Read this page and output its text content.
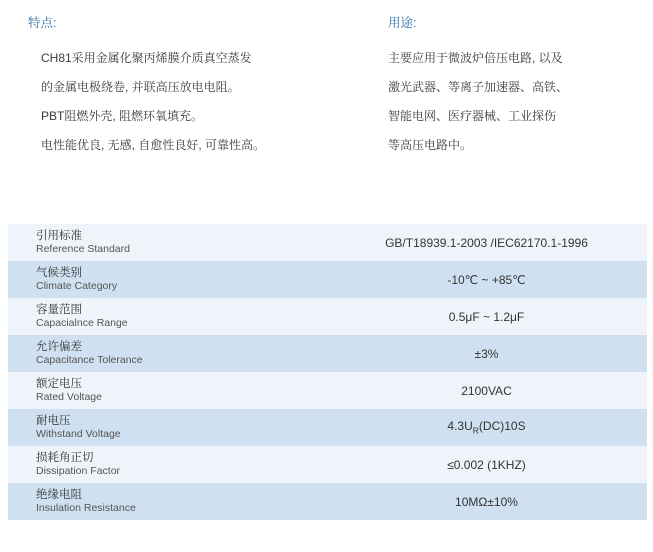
特点:
CH81采用金属化聚丙烯膜介质真空蒸发
的金属电极绕卷, 并联高压放电电阻。
PBT阻燃外壳, 阻燃环氧填充。
电性能优良, 无感, 自愈性良好, 可靠性高。
用途:
主要应用于微波炉倍压电路, 以及
激光武器、等离子加速器、高铁、
智能电网、医疗器械、工业探伤
等高压电路中。
引用标准
Reference Standard	GB/T18939.1-2003 /IEC62170.1-1996

气候类别
Climate Category	-10℃ ~ +85℃

容量范围
Capacialnce Range	0.5μF ~ 1.2μF

允许偏差
Capacitance Tolerance	±3%

额定电压
Rated Voltage	2100VAC

耐电压
Withstand Voltage	$4.3U_R(DC)10S$

损耗角正切
Dissipation Factor	≤0.002 (1KHZ)

绝缘电阻
Insulation Resistance	10MΩ±10%
